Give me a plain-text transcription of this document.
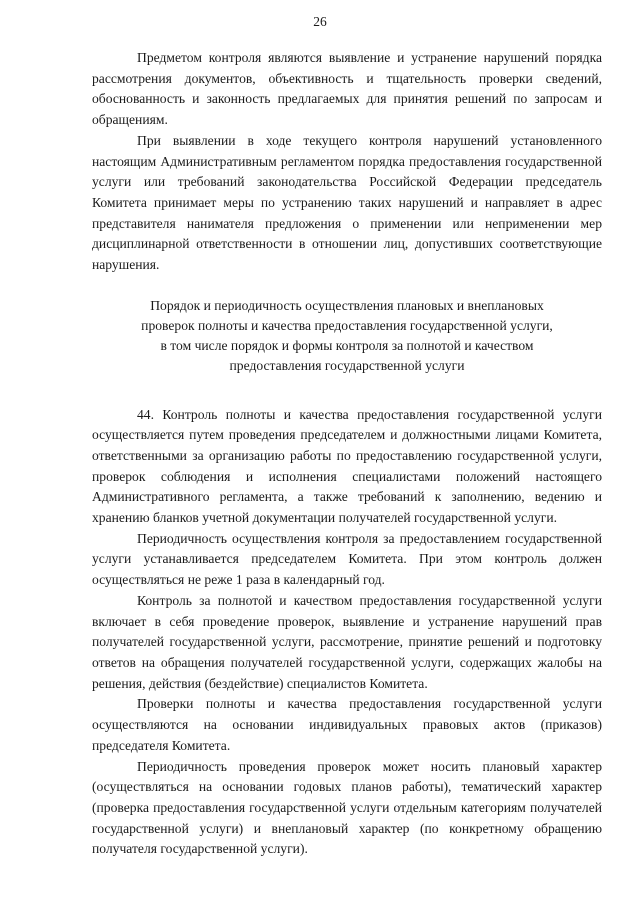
26

Предметом контроля являются выявление и устранение нарушений порядка рассмотрения документов, объективность и тщательность проверки сведений, обоснованность и законность предлагаемых для принятия решений по запросам и обращениям.

При выявлении в ходе текущего контроля нарушений установленного настоящим Административным регламентом порядка предоставления государственной услуги или требований законодательства Российской Федерации председатель Комитета принимает меры по устранению таких нарушений и направляет в адрес представителя нанимателя предложения о применении или неприменении мер дисциплинарной ответственности в отношении лиц, допустивших соответствующие нарушения.

Порядок и периодичность осуществления плановых и внеплановых
проверок полноты и качества предоставления государственной услуги,
в том числе порядок и формы контроля за полнотой и качеством
предоставления государственной услуги

44. Контроль полноты и качества предоставления государственной услуги осуществляется путем проведения председателем и должностными лицами Комитета, ответственными за организацию работы по предоставлению государственной услуги, проверок соблюдения и исполнения специалистами положений настоящего Административного регламента, а также требований к заполнению, ведению и хранению бланков учетной документации получателей государственной услуги.

Периодичность осуществления контроля за предоставлением государственной услуги устанавливается председателем Комитета. При этом контроль должен осуществляться не реже 1 раза в календарный год.

Контроль за полнотой и качеством предоставления государственной услуги включает в себя проведение проверок, выявление и устранение нарушений прав получателей государственной услуги, рассмотрение, принятие решений и подготовку ответов на обращения получателей государственной услуги, содержащих жалобы на решения, действия (бездействие) специалистов Комитета.

Проверки полноты и качества предоставления государственной услуги осуществляются на основании индивидуальных правовых актов (приказов) председателя Комитета.

Периодичность проведения проверок может носить плановый характер (осуществляться на основании годовых планов работы), тематический характер (проверка предоставления государственной услуги отдельным категориям получателей государственной услуги) и внеплановый характер (по конкретному обращению получателя государственной услуги).
